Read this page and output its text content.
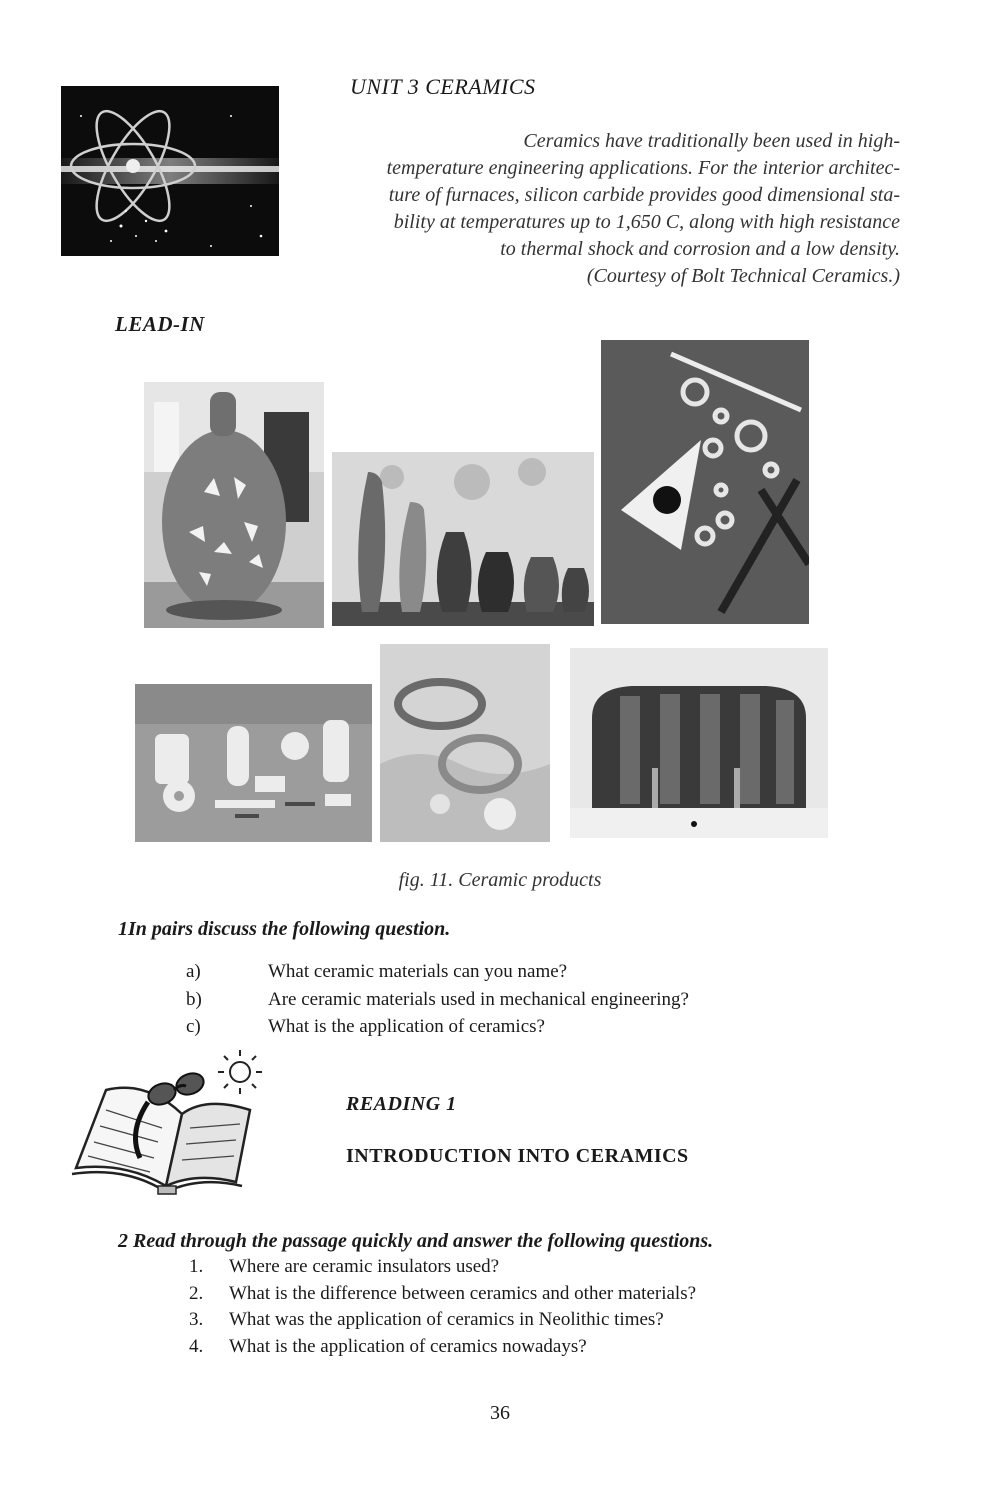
UNIT 3 CERAMICS
Ceramics have traditionally been used in high-
temperature engineering applications. For the interior architec-
ture of furnaces, silicon carbide provides good dimensional sta-
bility at temperatures up to 1,650 C, along with high resistance
to thermal shock and corrosion and a low density.
(Courtesy of Bolt Technical Ceramics.)
LEAD-IN
fig. 11. Ceramic products
1In pairs discuss the following question.
a)	What ceramic materials can you name?
b)	Are ceramic materials used in mechanical engineering?
c)	What is the application of ceramics?
READING 1
INTRODUCTION INTO CERAMICS
2 Read through the passage quickly and answer the following questions.
1. Where are ceramic insulators used?
2. What is the difference between ceramics and other materials?
3. What was the application of ceramics in Neolithic times?
4. What is the application of ceramics nowadays?
36
